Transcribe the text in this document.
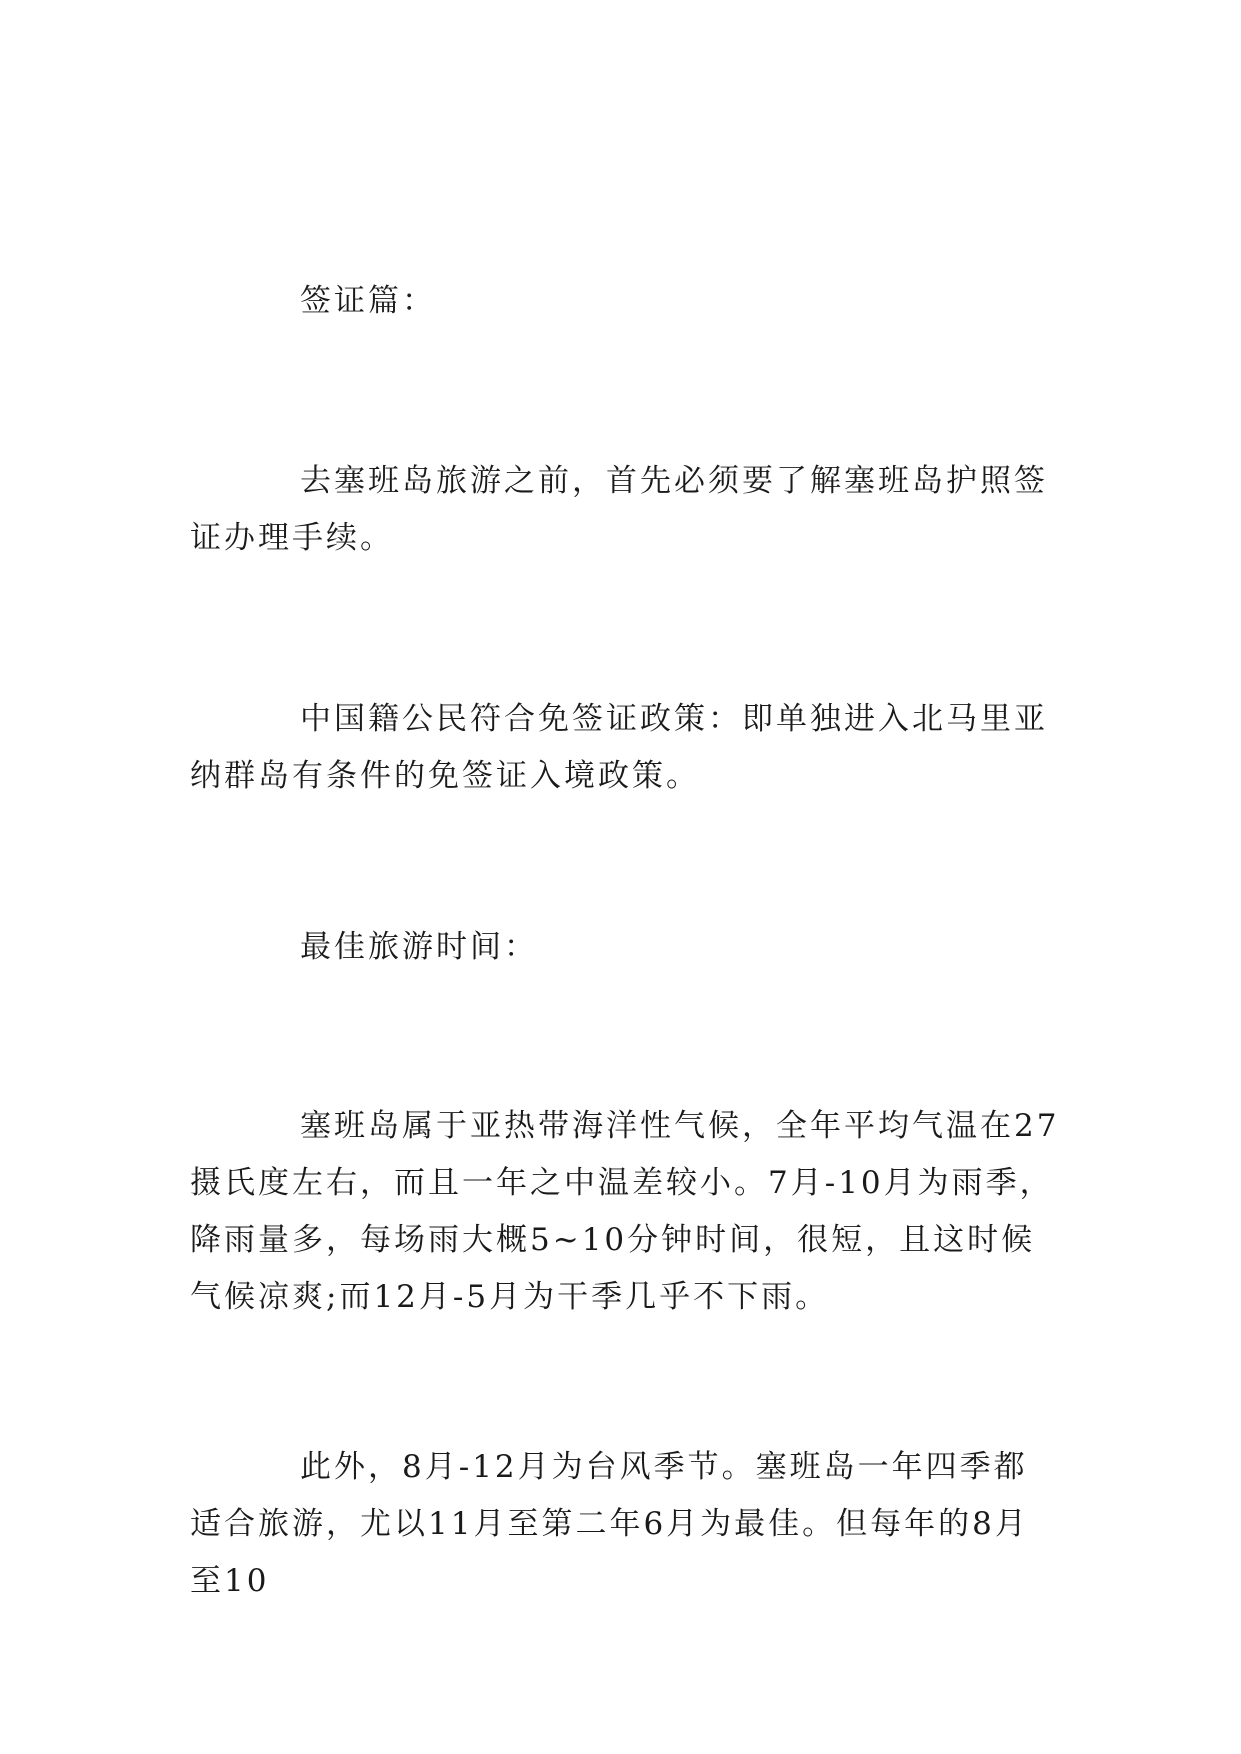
签证篇：

去塞班岛旅游之前，首先必须要了解塞班岛护照签证办理手续。

中国籍公民符合免签证政策：即单独进入北马里亚纳群岛有条件的免签证入境政策。

最佳旅游时间：

塞班岛属于亚热带海洋性气候，全年平均气温在27摄氏度左右，而且一年之中温差较小。7月-10月为雨季，降雨量多，每场雨大概5~10分钟时间，很短，且这时候气候凉爽;而12月-5月为干季几乎不下雨。

此外，8月-12月为台风季节。塞班岛一年四季都适合旅游，尤以11月至第二年6月为最佳。但每年的8月至10
